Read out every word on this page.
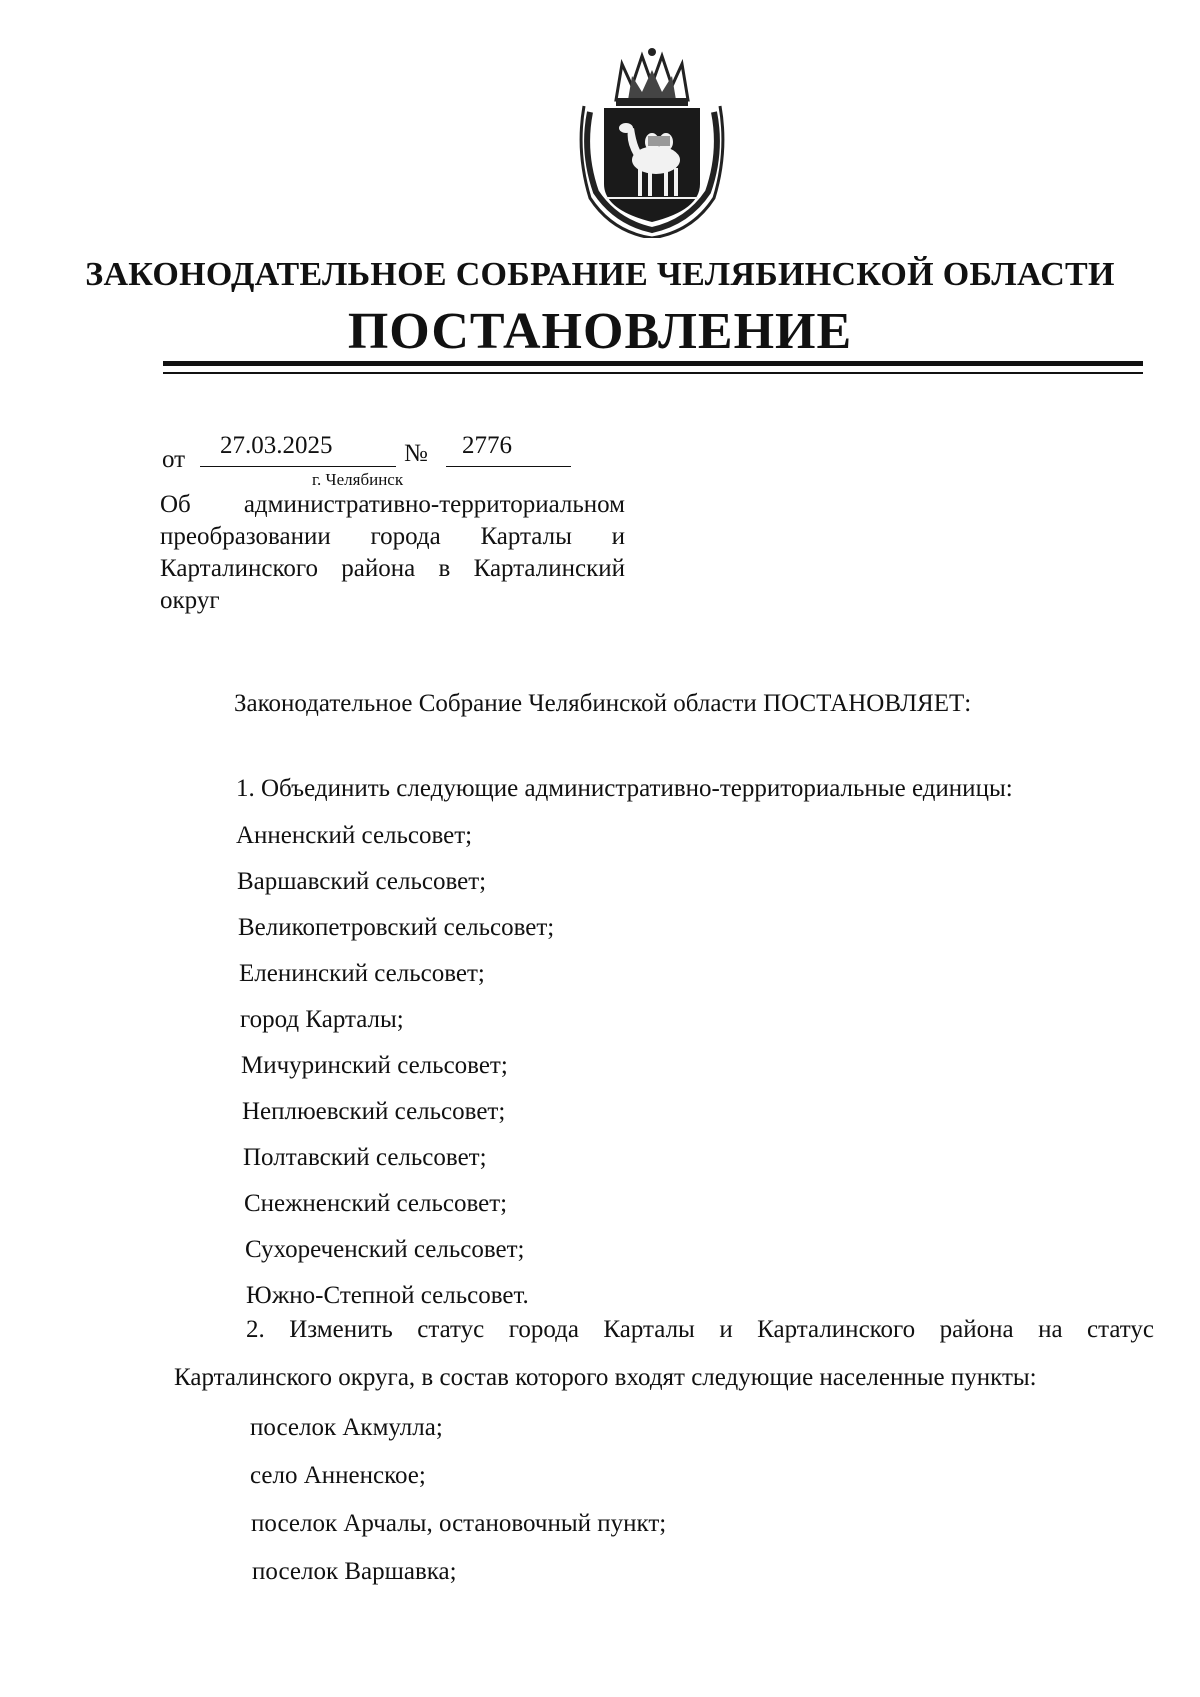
ЗАКОНОДАТЕЛЬНОЕ СОБРАНИЕ ЧЕЛЯБИНСКОЙ ОБЛАСТИ
ПОСТАНОВЛЕНИЕ
от
27.03.2025	№ 2776
г. Челябинск
Об административно-территориальном преобразовании города Карталы и Карталинского района в Карталинский округ
Законодательное Собрание Челябинской области ПОСТАНОВЛЯЕТ:
1. Объединить следующие административно-территориальные единицы:
Анненский сельсовет;
Варшавский сельсовет;
Великопетровский сельсовет;
Еленинский сельсовет;
город Карталы;
Мичуринский сельсовет;
Неплюевский сельсовет;
Полтавский сельсовет;
Снежненский сельсовет;
Сухореченский сельсовет;
Южно-Степной сельсовет.
2. Изменить статус города Карталы и Карталинского района на статус
Карталинского округа, в состав которого входят следующие населенные пункты:
поселок Акмулла;
село Анненское;
поселок Арчалы, остановочный пункт;
поселок Варшавка;
